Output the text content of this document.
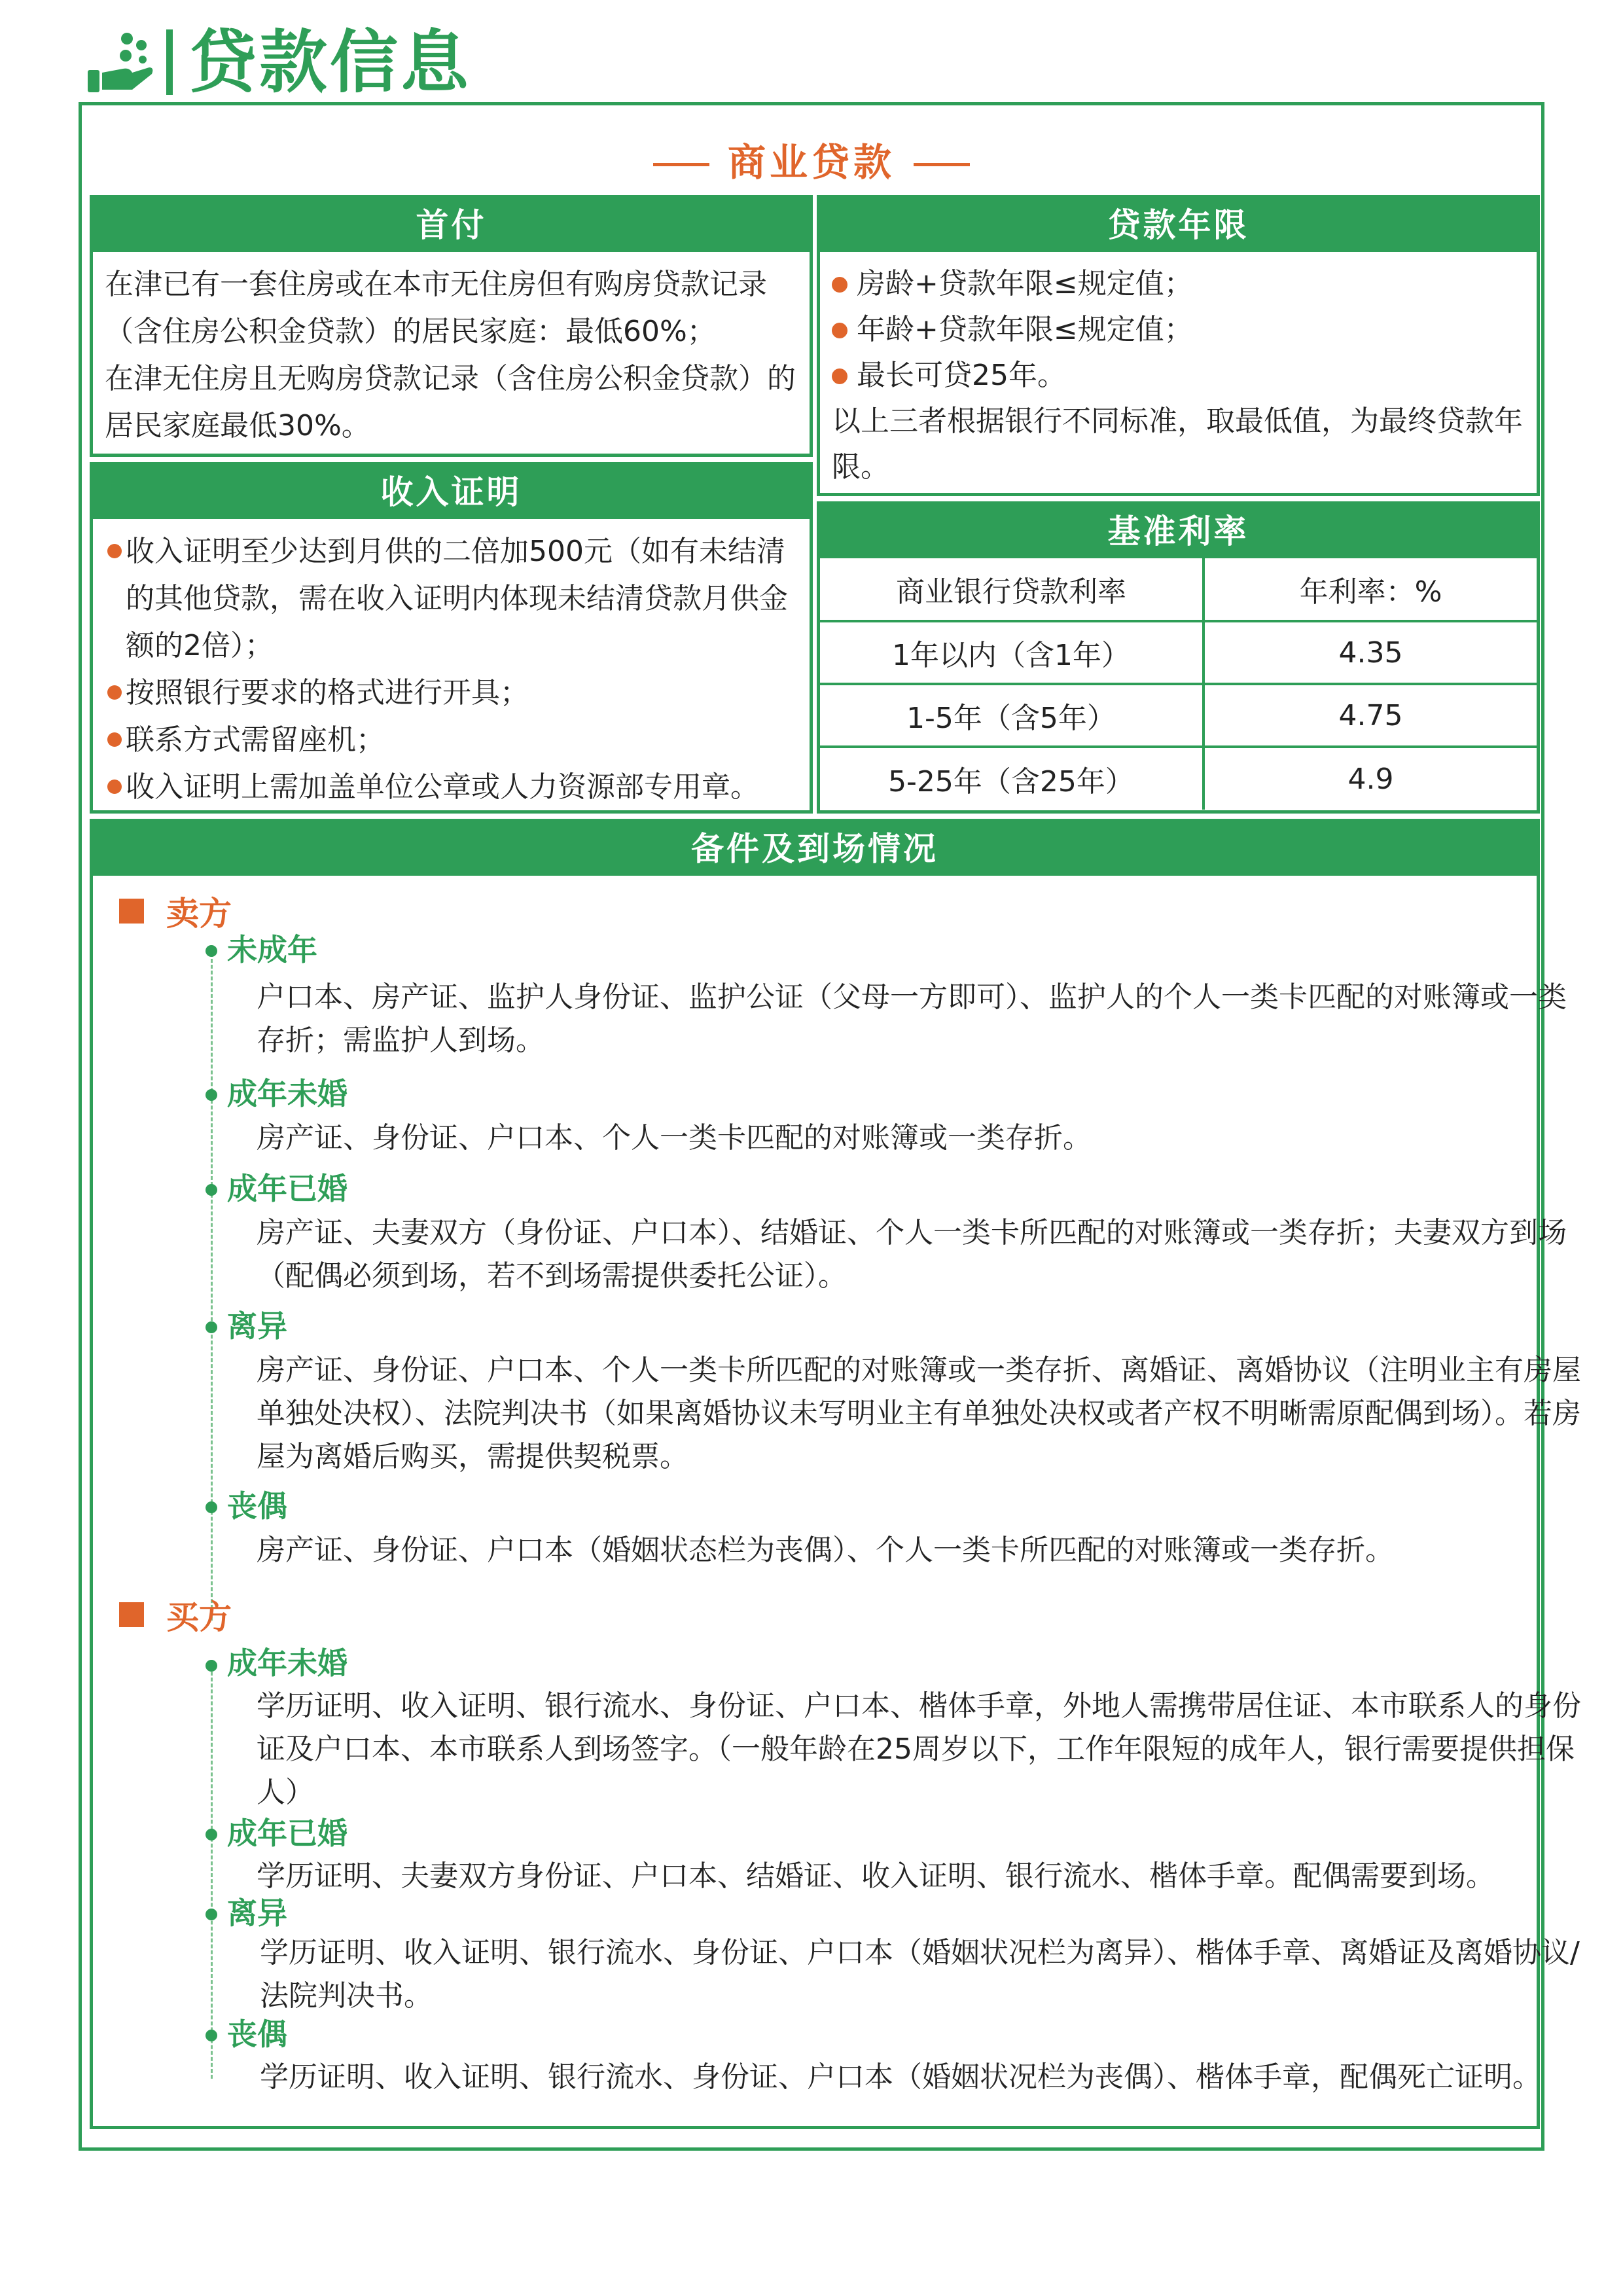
贷款信息
商业贷款
首付
在津已有一套住房或在本市无住房但有购房贷款记录（含住房公积金贷款）的居民家庭：最低60%；
在津无住房且无购房贷款记录（含住房公积金贷款）的居民家庭最低30%。
贷款年限
房龄+贷款年限≤规定值；
年龄+贷款年限≤规定值；
最长可贷25年。
以上三者根据银行不同标准，取最低值，为最终贷款年限。
收入证明
收入证明至少达到月供的二倍加500元（如有未结清的其他贷款，需在收入证明内体现未结清贷款月供金额的2倍）；
按照银行要求的格式进行开具；
联系方式需留座机；
收入证明上需加盖单位公章或人力资源部专用章。
基准利率
商业银行贷款利率	年利率：%
1年以内（含1年）	4.35
1-5年（含5年）	4.75
5-25年（含25年）	4.9
备件及到场情况
卖方
未成年
户口本、房产证、监护人身份证、监护公证（父母一方即可）、监护人的个人一类卡匹配的对账簿或一类存折；需监护人到场。
成年未婚
房产证、身份证、户口本、个人一类卡匹配的对账簿或一类存折。
成年已婚
房产证、夫妻双方（身份证、户口本）、结婚证、个人一类卡所匹配的对账簿或一类存折；夫妻双方到场（配偶必须到场，若不到场需提供委托公证）。
离异
房产证、身份证、户口本、个人一类卡所匹配的对账簿或一类存折、离婚证、离婚协议（注明业主有房屋单独处决权）、法院判决书（如果离婚协议未写明业主有单独处决权或者产权不明晰需原配偶到场）。若房屋为离婚后购买，需提供契税票。
丧偶
房产证、身份证、户口本（婚姻状态栏为丧偶）、个人一类卡所匹配的对账簿或一类存折。
买方
成年未婚
学历证明、收入证明、银行流水、身份证、户口本、楷体手章，外地人需携带居住证、本市联系人的身份证及户口本、本市联系人到场签字。（一般年龄在25周岁以下，工作年限短的成年人，银行需要提供担保人）
成年已婚
学历证明、夫妻双方身份证、户口本、结婚证、收入证明、银行流水、楷体手章。配偶需要到场。
离异
学历证明、收入证明、银行流水、身份证、户口本（婚姻状况栏为离异）、楷体手章、离婚证及离婚协议/法院判决书。
丧偶
学历证明、收入证明、银行流水、身份证、户口本（婚姻状况栏为丧偶）、楷体手章，配偶死亡证明。
